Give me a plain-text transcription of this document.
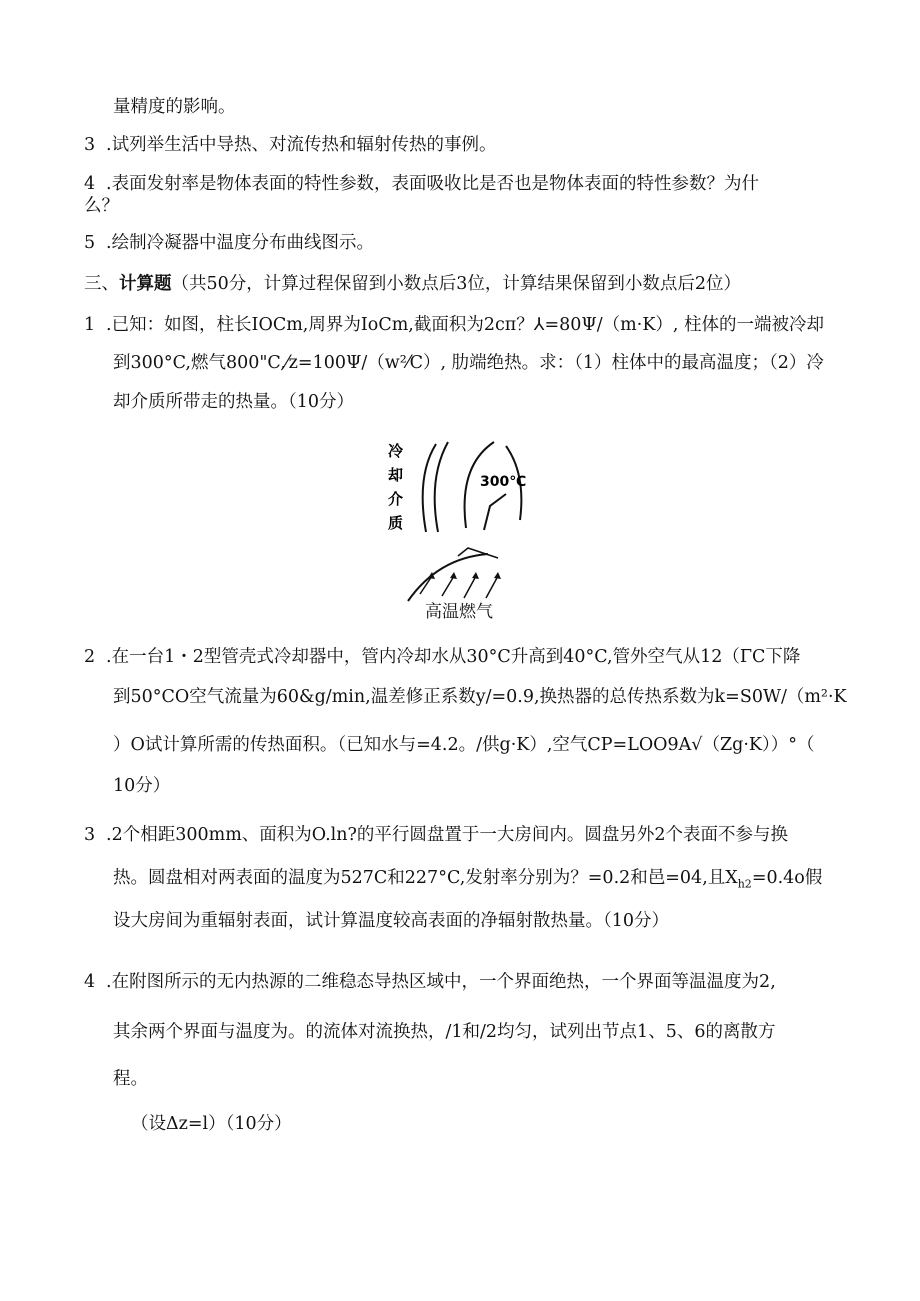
量精度的影响。
3 .试列举生活中导热、对流传热和辐射传热的事例。
4 .表面发射率是物体表面的特性参数，表面吸收比是否也是物体表面的特性参数？为什
么？
5 .绘制冷凝器中温度分布曲线图示。
三、计算题（共50分，计算过程保留到小数点后3位，计算结果保留到小数点后2位）
1 .已知：如图，柱长IOCm,周界为IoCm,截面积为2cπ？⅄=80Ψ/（m·K）, 柱体的一端被冷却
到300°C,燃气800"C,⁄z=100Ψ/（w²⁄C）, 肋端绝热。求：（1）柱体中的最高温度；（2）冷
却介质所带走的热量。（10分）
冷
却
介
质
300℃
高温燃气
2 .在一台1・2型管壳式冷却器中，管内冷却水从30°C升高到40°C,管外空气从12（ΓC下降
到50°CO空气流量为60&g/min,温差修正系数y/=0.9,换热器的总传热系数为k=S0W/（m²·K
）O试计算所需的传热面积。（已知水与=4.2。/供g·K）,空气CP=LOO9A√（Zg·K））°（
10分）
3 .2个相距300mm、面积为O.ln?的平行圆盘置于一大房间内。圆盘另外2个表面不参与换
热。圆盘相对两表面的温度为527C和227°C,发射率分别为？=0.2和邑=04,且$X_{h2}=0.4o$假
设大房间为重辐射表面，试计算温度较高表面的净辐射散热量。（10分）
4 .在附图所示的无内热源的二维稳态导热区域中，一个界面绝热，一个界面等温温度为2,
其余两个界面与温度为。的流体对流换热，/1和/2均匀，试列出节点1、5、6的离散方
程。
（设Δz=l）（10分）
